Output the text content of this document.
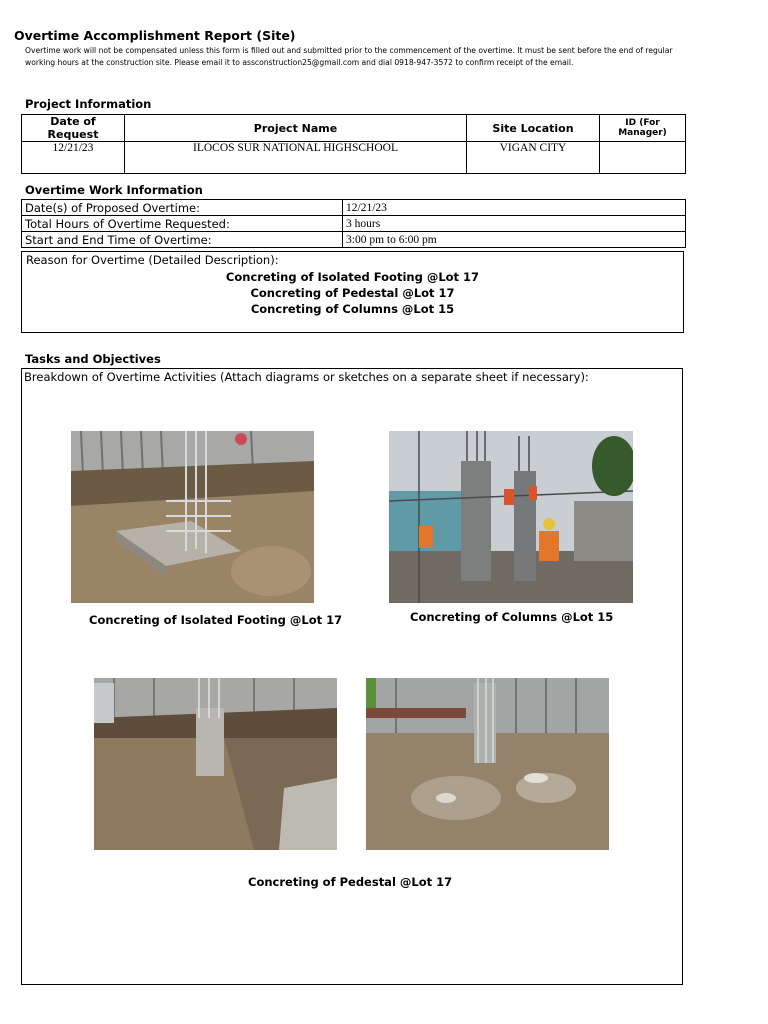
Overtime Accomplishment Report (Site)
Overtime work will not be compensated unless this form is filled out and submitted prior to the commencement of the overtime. It must be sent before the end of regular working hours at the construction site. Please email it to assconstruction25@gmail.com and dial 0918-947-3572 to confirm receipt of the email.
Project Information
Date of Request	Project Name	Site Location	ID (For Manager)
12/21/23	ILOCOS SUR NATIONAL HIGHSCHOOL	VIGAN CITY	
Overtime Work Information
Date(s) of Proposed Overtime:	12/21/23
Total Hours of Overtime Requested:	3 hours
Start and End Time of Overtime:	3:00 pm to 6:00 pm
Reason for Overtime (Detailed Description):
Concreting of Isolated Footing @Lot 17
Concreting of Pedestal @Lot 17
Concreting of Columns @Lot 15
Tasks and Objectives
Breakdown of Overtime Activities (Attach diagrams or sketches on a separate sheet if necessary):
Concreting of Isolated Footing @Lot 17	Concreting of Columns @Lot 15
Concreting of Pedestal @Lot 17
